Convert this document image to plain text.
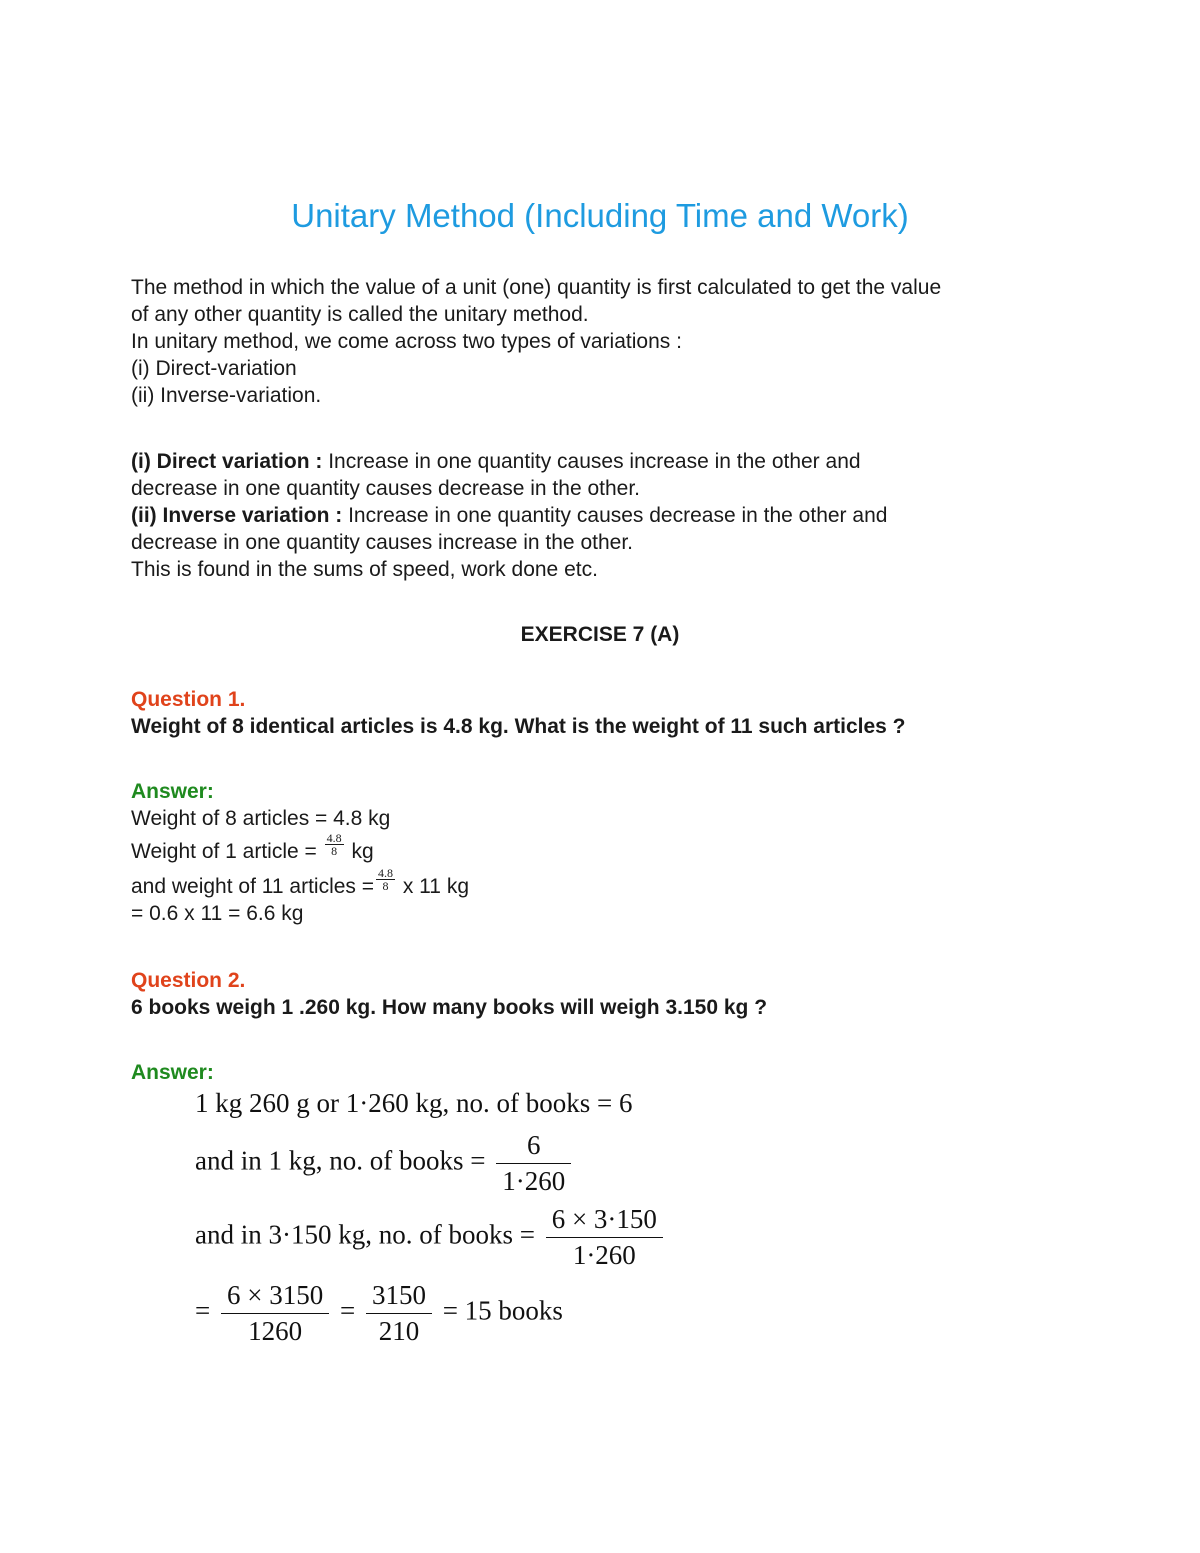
Unitary Method (Including Time and Work)

The method in which the value of a unit (one) quantity is first calculated to get the value

of any other quantity is called the unitary method.

In unitary method, we come across two types of variations :

(i) Direct-variation

(ii) Inverse-variation.

(i) Direct variation : Increase in one quantity causes increase in the other and

decrease in one quantity causes decrease in the other.

(ii) Inverse variation : Increase in one quantity causes decrease in the other and

decrease in one quantity causes increase in the other.

This is found in the sums of speed, work done etc.

EXERCISE 7 (A)

Question 1.

Weight of 8 identical articles is 4.8 kg. What is the weight of 11 such articles ?

Answer:

Weight of 8 articles = 4.8 kg

Weight of 1 article = $\frac{4.8}{8}$ kg

and weight of 11 articles = $\frac{4.8}{8}$ x 11 kg

= 0.6 x 11 = 6.6 kg

Question 2.

6 books weigh 1 .260 kg. How many books will weigh 3.150 kg ?

Answer:

1 kg 260 g or 1·260 kg, no. of books = 6
and in 1 kg, no. of books = $\frac{6}{1\cdot 260}$
and in 3·150 kg, no. of books = $\frac{6 \times 3\cdot 150}{1\cdot 260}$
= $\frac{6 \times 3150}{1260} = \frac{3150}{210} = 15$ books
